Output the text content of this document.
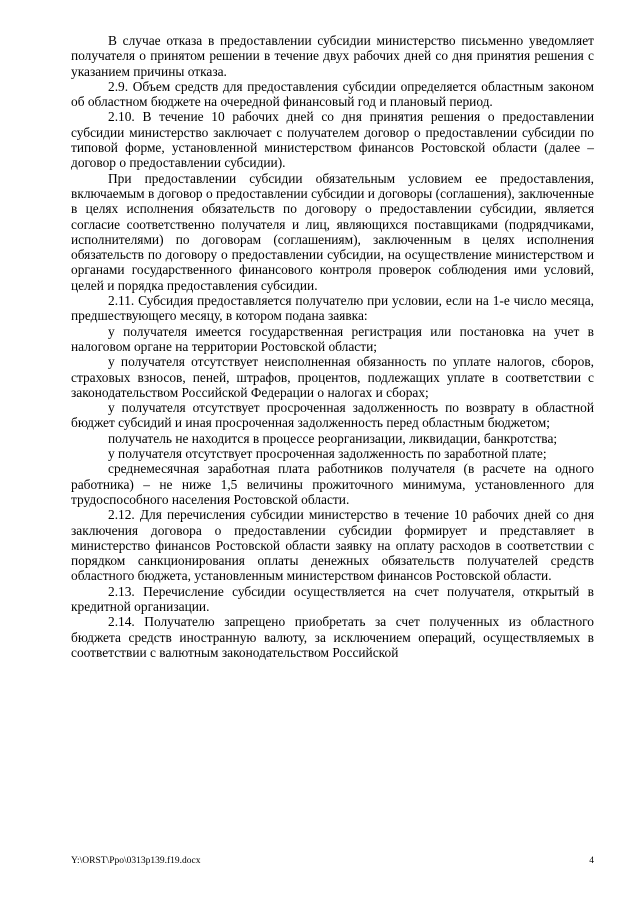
В случае отказа в предоставлении субсидии министерство письменно уведомляет получателя о принятом решении в течение двух рабочих дней со дня принятия решения с указанием причины отказа.

2.9. Объем средств для предоставления субсидии определяется областным законом об областном бюджете на очередной финансовый год и плановый период.

2.10. В течение 10 рабочих дней со дня принятия решения о предоставлении субсидии министерство заключает с получателем договор о предоставлении субсидии по типовой форме, установленной министерством финансов Ростовской области (далее – договор о предоставлении субсидии).

При предоставлении субсидии обязательным условием ее предоставления, включаемым в договор о предоставлении субсидии и договоры (соглашения), заключенные в целях исполнения обязательств по договору о предоставлении субсидии, является согласие соответственно получателя и лиц, являющихся поставщиками (подрядчиками, исполнителями) по договорам (соглашениям), заключенным в целях исполнения обязательств по договору о предоставлении субсидии, на осуществление министерством и органами государственного финансового контроля проверок соблюдения ими условий, целей и порядка предоставления субсидии.

2.11. Субсидия предоставляется получателю при условии, если на 1-е число месяца, предшествующего месяцу, в котором подана заявка:

у получателя имеется государственная регистрация или постановка на учет в налоговом органе на территории Ростовской области;

у получателя отсутствует неисполненная обязанность по уплате налогов, сборов, страховых взносов, пеней, штрафов, процентов, подлежащих уплате в соответствии с законодательством Российской Федерации о налогах и сборах;

у получателя отсутствует просроченная задолженность по возврату в областной бюджет субсидий и иная просроченная задолженность перед областным бюджетом;

получатель не находится в процессе реорганизации, ликвидации, банкротства;

у получателя отсутствует просроченная задолженность по заработной плате;

среднемесячная заработная плата работников получателя (в расчете на одного работника) – не ниже 1,5 величины прожиточного минимума, установленного для трудоспособного населения Ростовской области.

2.12. Для перечисления субсидии министерство в течение 10 рабочих дней со дня заключения договора о предоставлении субсидии формирует и представляет в министерство финансов Ростовской области заявку на оплату расходов в соответствии с порядком санкционирования оплаты денежных обязательств получателей средств областного бюджета, установленным министерством финансов Ростовской области.

2.13. Перечисление субсидии осуществляется на счет получателя, открытый в кредитной организации.

2.14. Получателю запрещено приобретать за счет полученных из областного бюджета средств иностранную валюту, за исключением операций, осуществляемых в соответствии с валютным законодательством Российской

Y:\ORST\Ppo\0313p139.f19.docx	4
